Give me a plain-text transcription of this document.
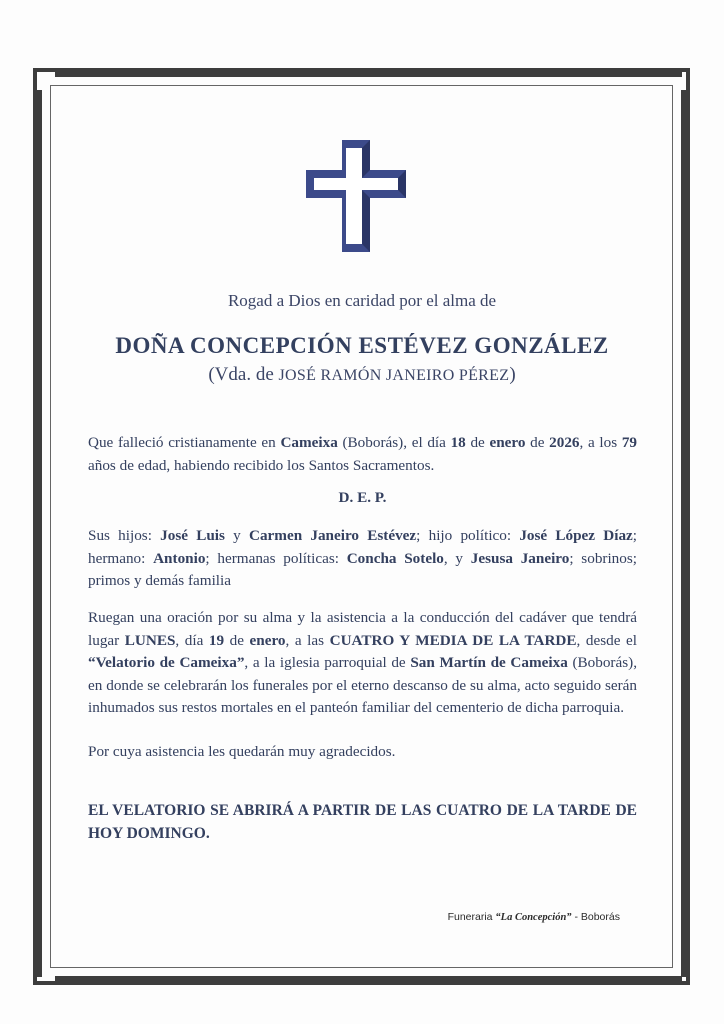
Rogad a Dios en caridad por el alma de
DOÑA CONCEPCIÓN ESTÉVEZ GONZÁLEZ
(Vda. de JOSÉ RAMÓN JANEIRO PÉREZ)
Que falleció cristianamente en Cameixa (Boborás), el día 18 de enero de 2026, a los 79 años de edad, habiendo recibido los Santos Sacramentos.
D. E. P.
Sus hijos: José Luis y Carmen Janeiro Estévez; hijo político: José López Díaz; hermano: Antonio; hermanas políticas: Concha Sotelo, y Jesusa Janeiro; sobrinos; primos y demás familia
Ruegan una oración por su alma y la asistencia a la conducción del cadáver que tendrá lugar LUNES, día 19 de enero, a las CUATRO Y MEDIA DE LA TARDE, desde el “Velatorio de Cameixa”, a la iglesia parroquial de San Martín de Cameixa (Boborás), en donde se celebrarán los funerales por el eterno descanso de su alma, acto seguido serán inhumados sus restos mortales en el panteón familiar del cementerio de dicha parroquia.
Por cuya asistencia les quedarán muy agradecidos.
EL VELATORIO SE ABRIRÁ A PARTIR DE LAS CUATRO DE LA TARDE DE HOY DOMINGO.
Funeraria “La Concepción” - Boborás
